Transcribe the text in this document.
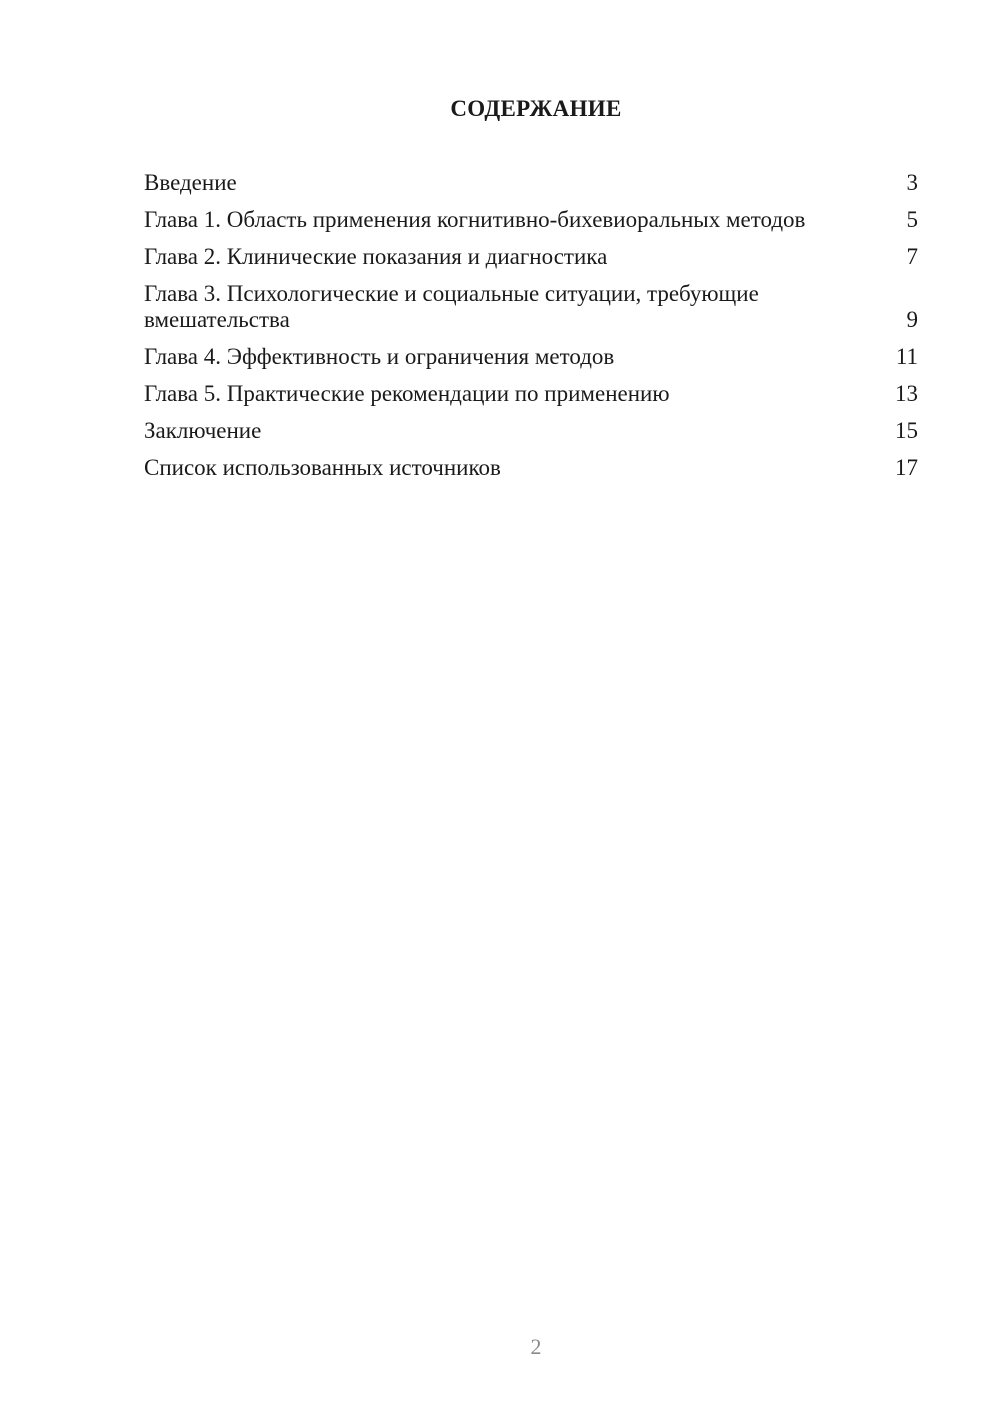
СОДЕРЖАНИЕ
Введение	3
Глава 1. Область применения когнитивно-бихевиоральных методов	5
Глава 2. Клинические показания и диагностика	7
Глава 3. Психологические и социальные ситуации, требующие вмешательства	9
Глава 4. Эффективность и ограничения методов	11
Глава 5. Практические рекомендации по применению	13
Заключение	15
Список использованных источников	17
2
